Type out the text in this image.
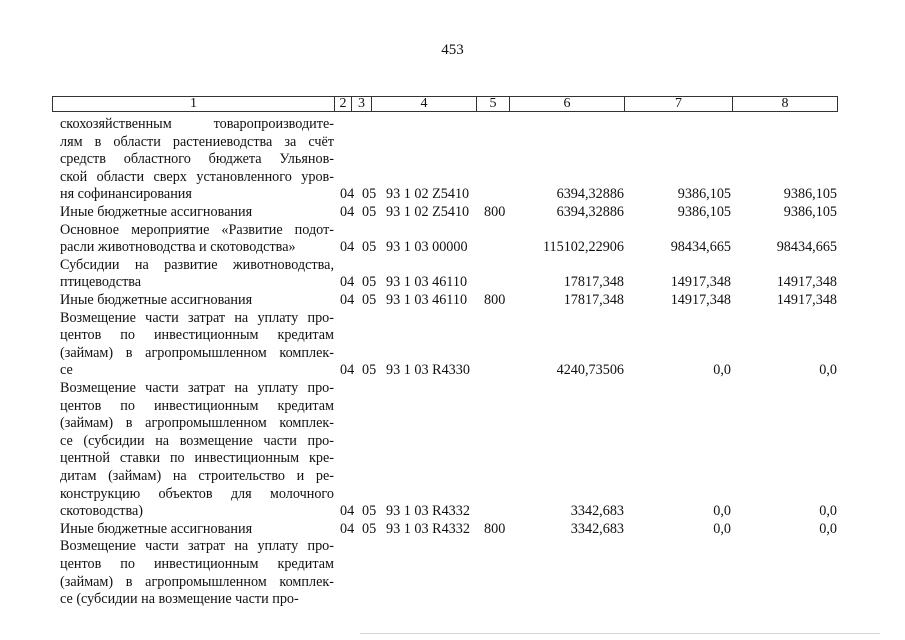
453
1	2 3	4	5	6	7	8
скохозяйственным товаропроизводите-
лям в области растениеводства за счёт
средств областного бюджета Ульянов-
ской области сверх установленного уров-
ня софинансирования	04 05 93 1 02 Z5410	6394,32886	9386,105	9386,105
Иные бюджетные ассигнования	04 05 93 1 02 Z5410 800	6394,32886	9386,105	9386,105
Основное мероприятие «Развитие подот-
расли животноводства и скотоводства»	04 05 93 1 03 00000	115102,22906	98434,665	98434,665
Субсидии на развитие животноводства,
птицеводства	04 05 93 1 03 46110	17817,348	14917,348	14917,348
Иные бюджетные ассигнования	04 05 93 1 03 46110 800	17817,348	14917,348	14917,348
Возмещение части затрат на уплату про-
центов по инвестиционным кредитам
(займам) в агропромышленном комплек-
се	04 05 93 1 03 R4330	4240,73506	0,0	0,0
Возмещение части затрат на уплату про-
центов по инвестиционным кредитам
(займам) в агропромышленном комплек-
се (субсидии на возмещение части про-
центной ставки по инвестиционным кре-
дитам (займам) на строительство и ре-
конструкцию объектов для молочного
скотоводства)	04 05 93 1 03 R4332	3342,683	0,0	0,0
Иные бюджетные ассигнования	04 05 93 1 03 R4332 800	3342,683	0,0	0,0
Возмещение части затрат на уплату про-
центов по инвестиционным кредитам
(займам) в агропромышленном комплек-
се (субсидии на возмещение части про-
